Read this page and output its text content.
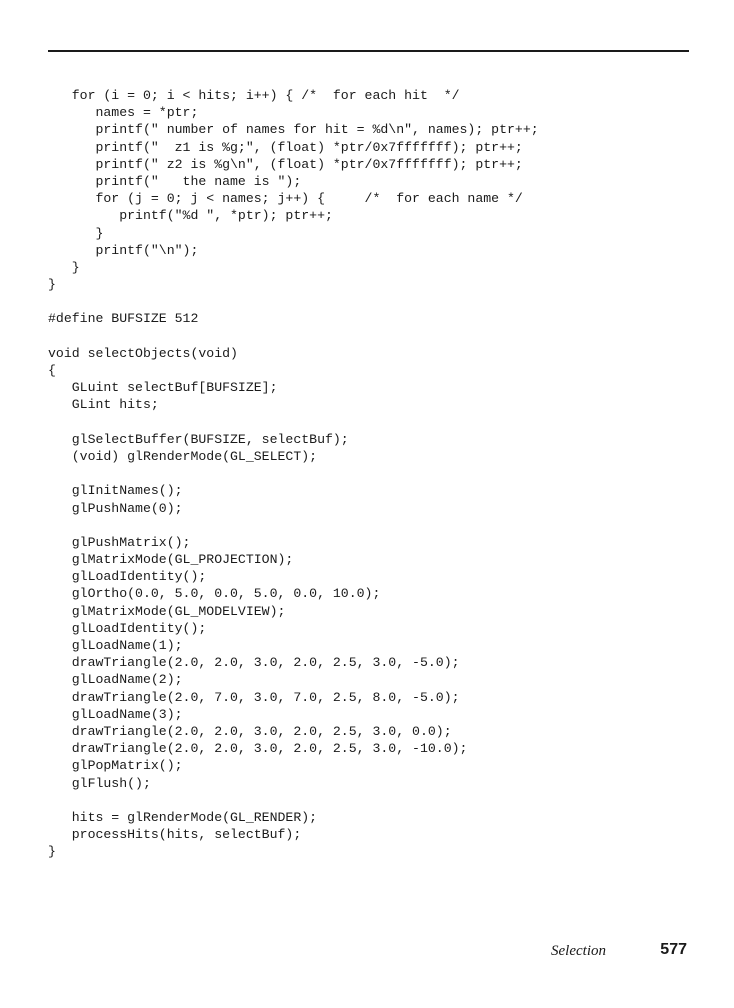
for (i = 0; i < hits; i++) { /*  for each hit  */
names = *ptr;
printf(" number of names for hit = %d\n", names); ptr++;
printf("  z1 is %g;", (float) *ptr/0x7fffffff); ptr++;
printf(" z2 is %g\n", (float) *ptr/0x7fffffff); ptr++;
printf("   the name is ");
for (j = 0; j < names; j++) {     /*  for each name */
printf("%d ", *ptr); ptr++;
}
printf("\n");
}
}
#define BUFSIZE 512
void selectObjects(void)
{
GLuint selectBuf[BUFSIZE];
GLint hits;
glSelectBuffer(BUFSIZE, selectBuf);
(void) glRenderMode(GL_SELECT);
glInitNames();
glPushName(0);
glPushMatrix();
glMatrixMode(GL_PROJECTION);
glLoadIdentity();
glOrtho(0.0, 5.0, 0.0, 5.0, 0.0, 10.0);
glMatrixMode(GL_MODELVIEW);
glLoadIdentity();
glLoadName(1);
drawTriangle(2.0, 2.0, 3.0, 2.0, 2.5, 3.0, -5.0);
glLoadName(2);
drawTriangle(2.0, 7.0, 3.0, 7.0, 2.5, 8.0, -5.0);
glLoadName(3);
drawTriangle(2.0, 2.0, 3.0, 2.0, 2.5, 3.0, 0.0);
drawTriangle(2.0, 2.0, 3.0, 2.0, 2.5, 3.0, -10.0);
glPopMatrix();
glFlush();
hits = glRenderMode(GL_RENDER);
processHits(hits, selectBuf);
}
Selection	577
